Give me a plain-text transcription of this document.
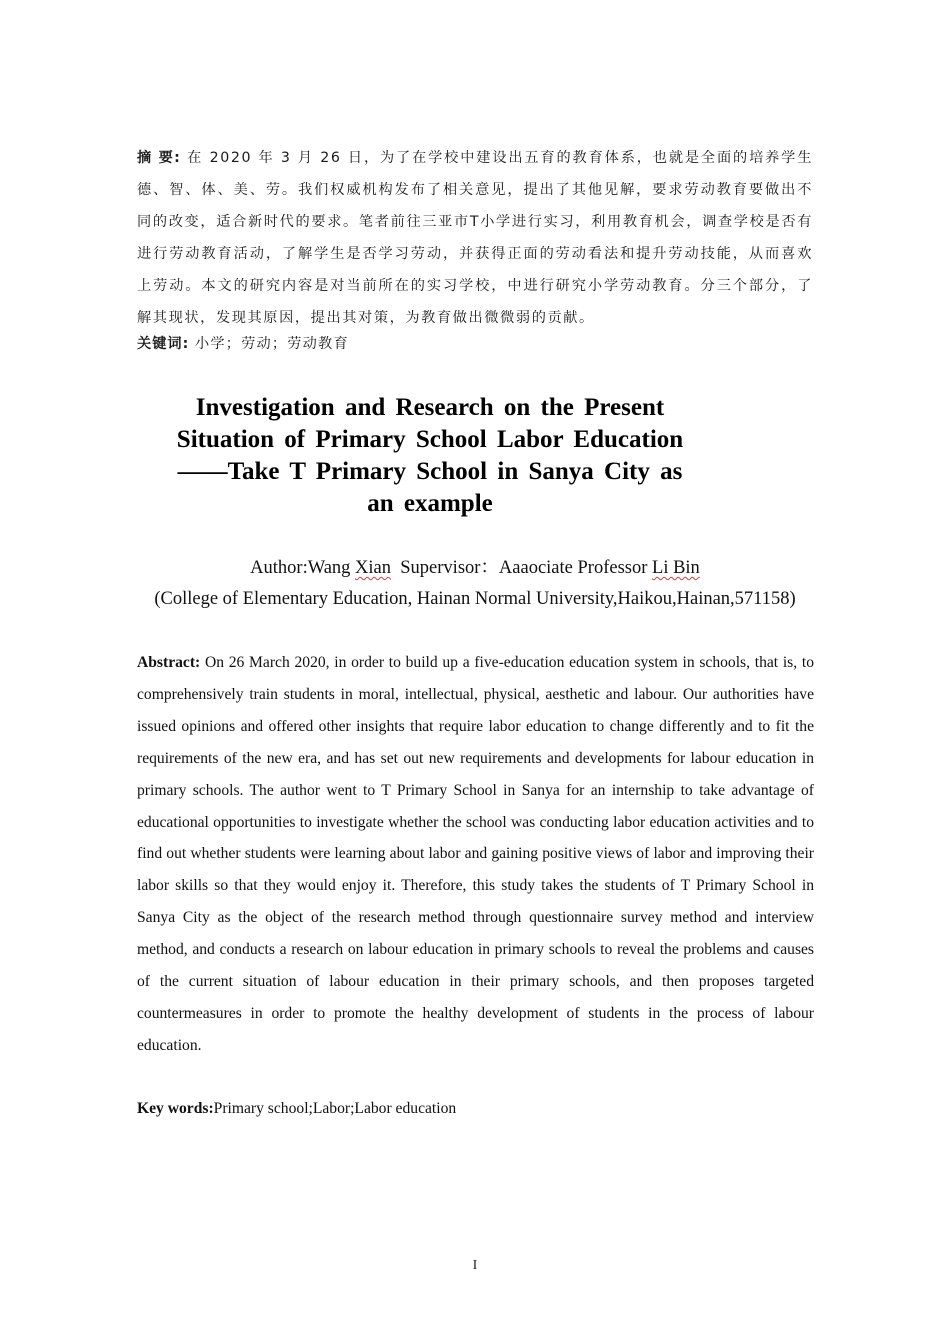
摘 要: 在 2020 年 3 月 26 日，为了在学校中建设出五育的教育体系，也就是全面的培养学生德、智、体、美、劳。我们权威机构发布了相关意见，提出了其他见解，要求劳动教育要做出不同的改变，适合新时代的要求。笔者前往三亚市T小学进行实习，利用教育机会，调查学校是否有进行劳动教育活动，了解学生是否学习劳动，并获得正面的劳动看法和提升劳动技能，从而喜欢上劳动。本文的研究内容是对当前所在的实习学校，中进行研究小学劳动教育。分三个部分，了解其现状，发现其原因，提出其对策，为教育做出微微弱的贡献。
关键词: 小学；劳动；劳动教育
Investigation and Research on the Present
Situation of Primary School Labor Education
——Take T Primary School in Sanya City as
an example
Author:Wang Xian  Supervisor：Aaaociate Professor Li Bin
(College of Elementary Education, Hainan Normal University,Haikou,Hainan,571158)
Abstract: On 26 March 2020, in order to build up a five-education education system in schools, that is, to comprehensively train students in moral, intellectual, physical, aesthetic and labour. Our authorities have issued opinions and offered other insights that require labor education to change differently and to fit the requirements of the new era, and has set out new requirements and developments for labour education in primary schools. The author went to T Primary School in Sanya for an internship to take advantage of educational opportunities to investigate whether the school was conducting labor education activities and to find out whether students were learning about labor and gaining positive views of labor and improving their labor skills so that they would enjoy it. Therefore, this study takes the students of T Primary School in Sanya City as the object of the research method through questionnaire survey method and interview method, and conducts a research on labour education in primary schools to reveal the problems and causes of the current situation of labour education in their primary schools, and then proposes targeted countermeasures in order to promote the healthy development of students in the process of labour education.
Key words:Primary school;Labor;Labor education
I
